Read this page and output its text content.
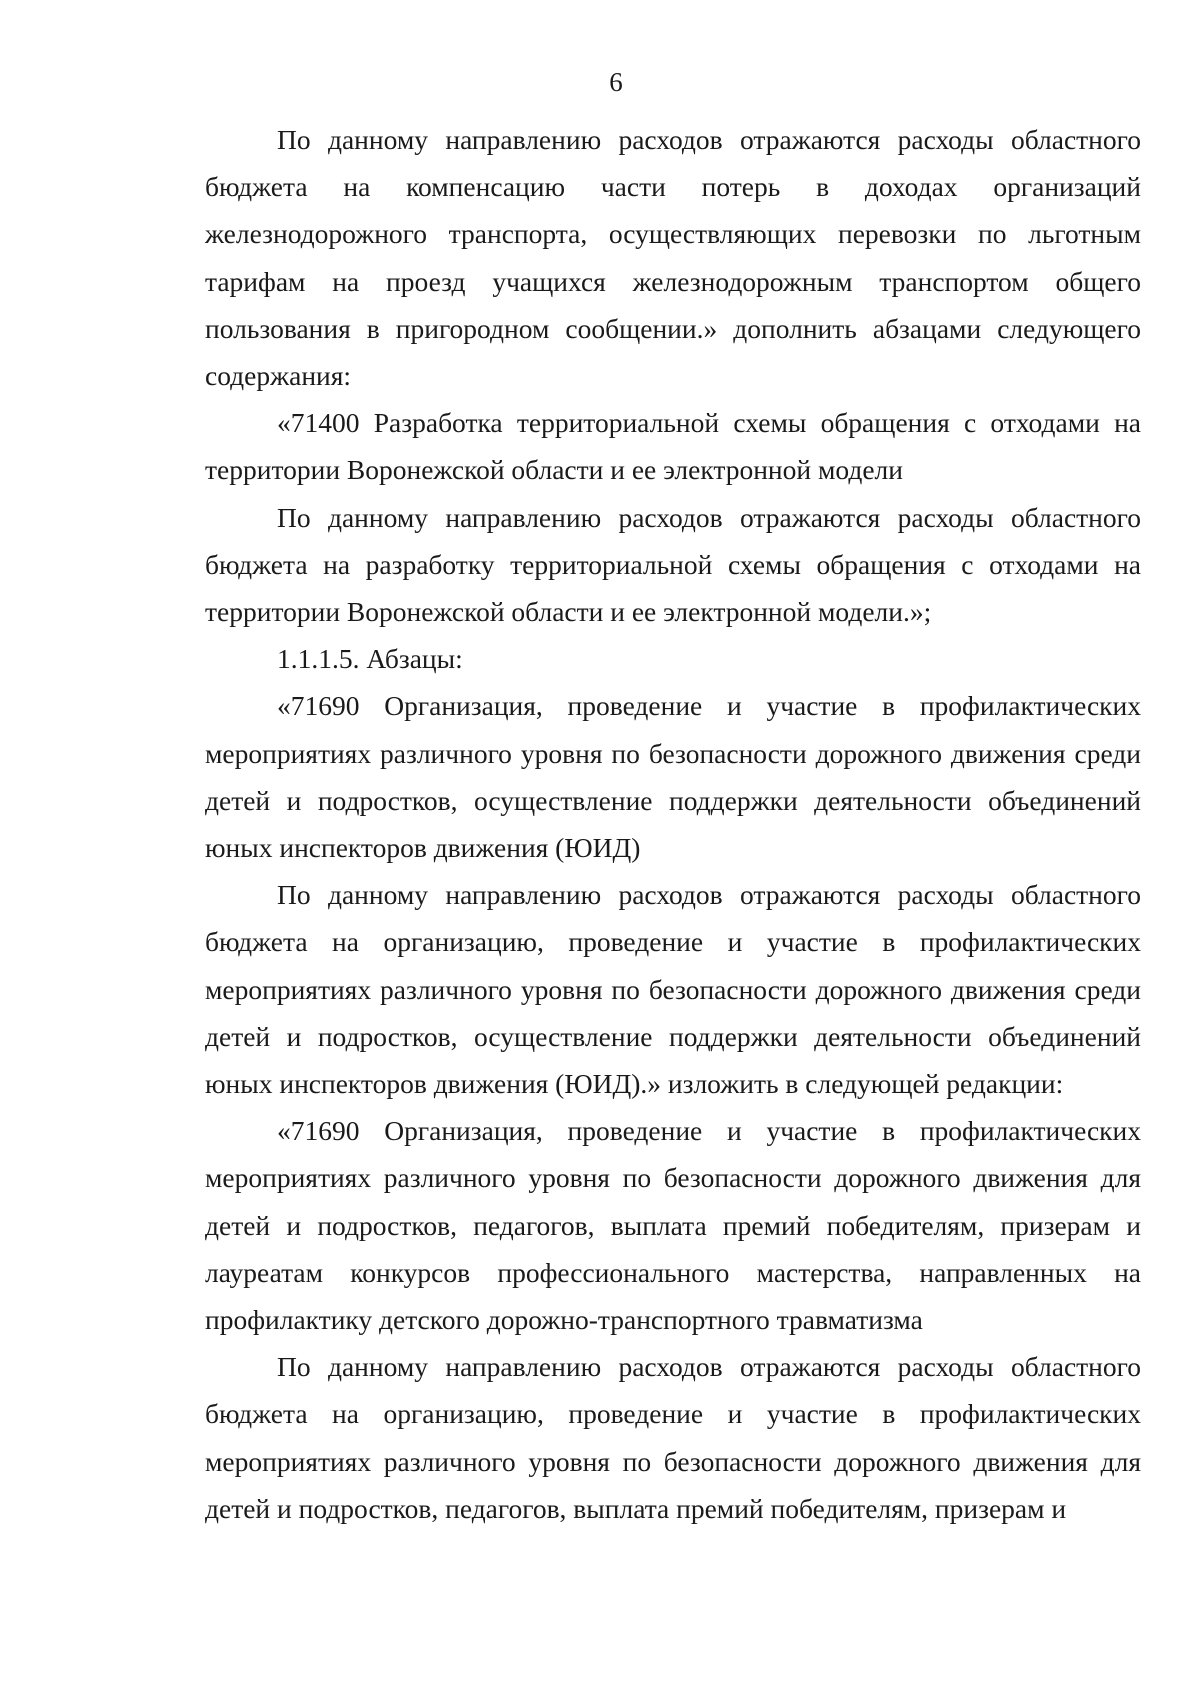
6

По данному направлению расходов отражаются расходы областного бюджета на компенсацию части потерь в доходах организаций железнодорожного транспорта, осуществляющих перевозки по льготным тарифам на проезд учащихся железнодорожным транспортом общего пользования в пригородном сообщении.» дополнить абзацами следующего содержания:

«71400 Разработка территориальной схемы обращения с отходами на территории Воронежской области и ее электронной модели

По данному направлению расходов отражаются расходы областного бюджета на разработку территориальной схемы обращения с отходами на территории Воронежской области и ее электронной модели.»;

1.1.1.5. Абзацы:

«71690 Организация, проведение и участие в профилактических мероприятиях различного уровня по безопасности дорожного движения среди детей и подростков, осуществление поддержки деятельности объединений юных инспекторов движения (ЮИД)

По данному направлению расходов отражаются расходы областного бюджета на организацию, проведение и участие в профилактических мероприятиях различного уровня по безопасности дорожного движения среди детей и подростков, осуществление поддержки деятельности объединений юных инспекторов движения (ЮИД).» изложить в следующей редакции:

«71690 Организация, проведение и участие в профилактических мероприятиях различного уровня по безопасности дорожного движения для детей и подростков, педагогов, выплата премий победителям, призерам и лауреатам конкурсов профессионального мастерства, направленных на профилактику детского дорожно-транспортного травматизма

По данному направлению расходов отражаются расходы областного бюджета на организацию, проведение и участие в профилактических мероприятиях различного уровня по безопасности дорожного движения для детей и подростков, педагогов, выплата премий победителям, призерам и
